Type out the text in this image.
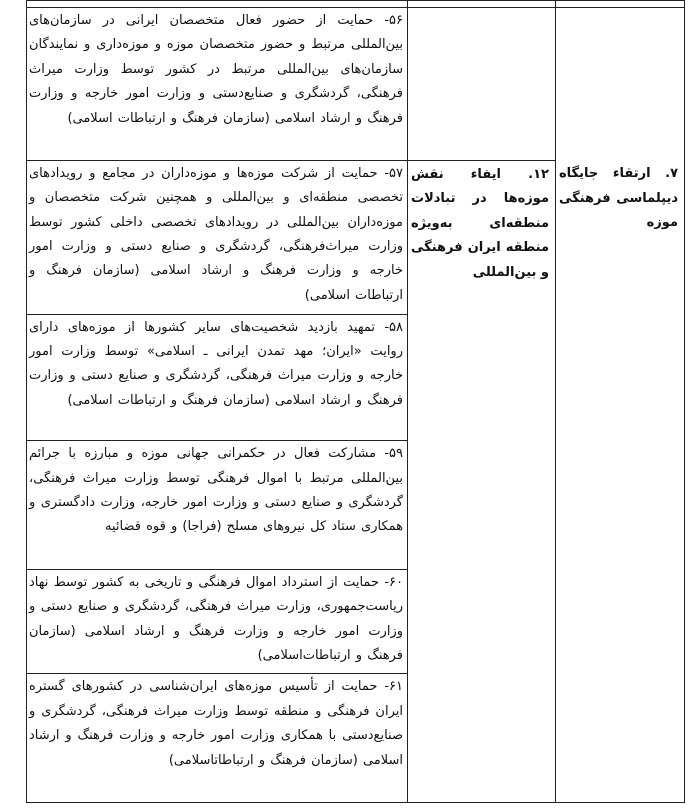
۷. ارتقاء جایگاه دیپلماسی فرهنگی موزه		۵۶- حمایت از حضور فعال متخصصان ایرانی در سازمان‌های بین‌المللی مرتبط و حضور متخصصان موزه و موزه‌داری و نمایندگان سازمان‌های بین‌المللی مرتبط در کشور توسط وزارت میراث فرهنگی، گردشگری و صنایع‌دستی و وزارت امور خارجه و وزارت فرهنگ و ارشاد اسلامی (سازمان فرهنگ و ارتباطات اسلامی)

	۱۲. ایفاء نقش موزه‌ها در تبادلات منطقه‌ای به‌ویژه منطقه ایران فرهنگی و بین‌المللی	۵۷- حمایت از شرکت موزه‌ها و موزه‌داران در مجامع و رویدادهای تخصصی منطقه‌ای و بین‌المللی و همچنین شرکت متخصصان و موزه‌داران بین‌المللی در رویدادهای تخصصی داخلی کشور توسط وزارت میراث‌فرهنگی، گردشگری و صنایع دستی و وزارت امور خارجه و وزارت فرهنگ و ارشاد اسلامی (سازمان فرهنگ و ارتباطات اسلامی)

		۵۸- تمهید بازدید شخصیت‌های سایر کشورها از موزه‌های دارای روایت «ایران؛ مهد تمدن ایرانی ـ اسلامی» توسط وزارت امور خارجه و وزارت میراث فرهنگی، گردشگری و صنایع دستی و وزارت فرهنگ و ارشاد اسلامی (سازمان فرهنگ و ارتباطات اسلامی)

		۵۹- مشارکت فعال در حکمرانی جهانی موزه و مبارزه با جرائم بین‌المللی مرتبط با اموال فرهنگی توسط وزارت میراث فرهنگی، گردشگری و صنایع دستی و وزارت امور خارجه، وزارت دادگستری و همکاری ستاد کل نیروهای مسلح (فراجا) و قوه قضائیه

		۶۰- حمایت از استرداد اموال فرهنگی و تاریخی به کشور توسط نهاد ریاست‌جمهوری، وزارت میراث فرهنگی، گردشگری و صنایع دستی و وزارت امور خارجه و وزارت فرهنگ و ارشاد اسلامی (سازمان فرهنگ و ارتباطات‌اسلامی)

		۶۱- حمایت از تأسیس موزه‌های ایران‌شناسی در کشورهای گستره ایران فرهنگی و منطقه توسط وزارت میراث فرهنگی، گردشگری و صنایع‌دستی با همکاری وزارت امور خارجه و وزارت فرهنگ و ارشاد اسلامی (سازمان فرهنگ و ارتباطاتاسلامی)
